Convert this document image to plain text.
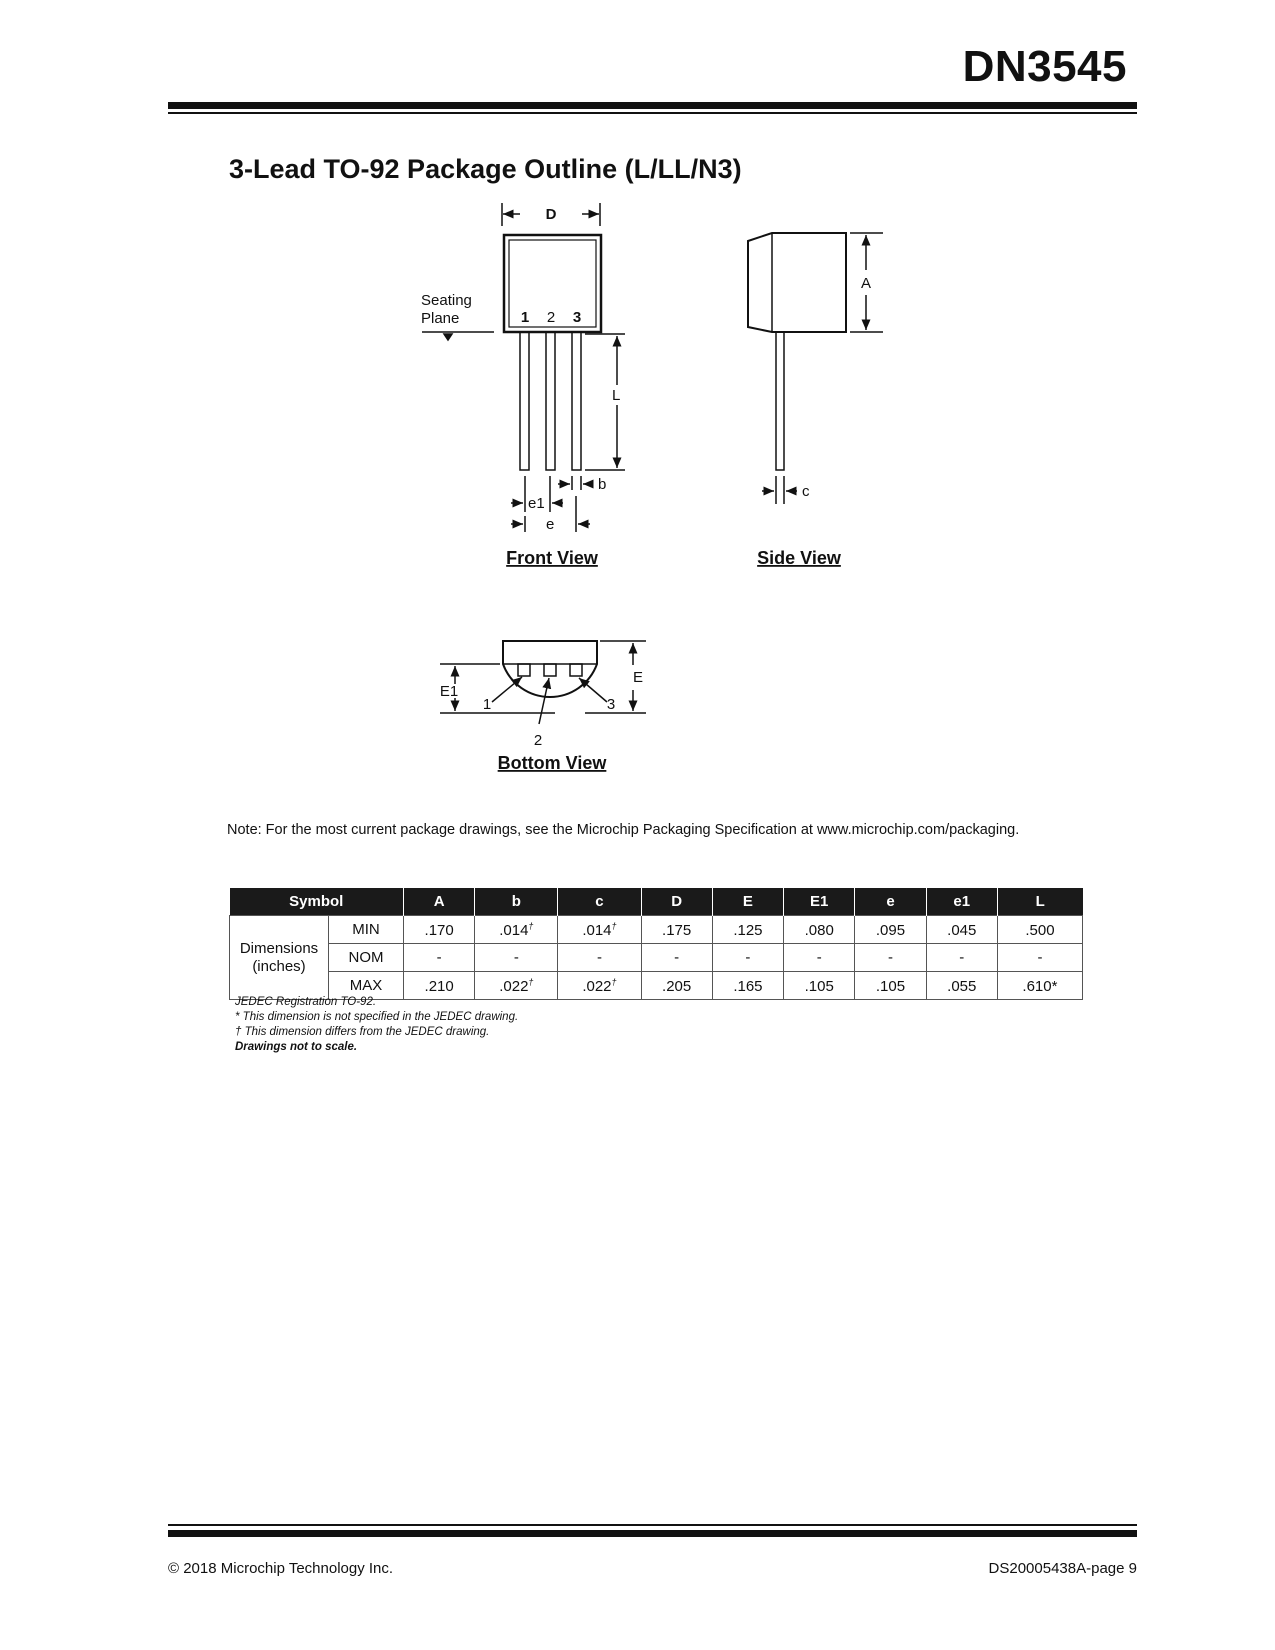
DN3545
3-Lead TO-92 Package Outline (L/LL/N3)
D
Seating
Plane	1 2 3
L
b
e1
e
Front View
A
c
Side View
E1
E
1
2
3
Bottom View
Note: For the most current package drawings, see the Microchip Packaging Specification at www.microchip.com/packaging.
Symbol		A	b	c	D	E	E1	e	e1	L
Dimensions
(inches)	MIN	.170	.014†	.014†	.175	.125	.080	.095	.045	.500
	NOM	-	-	-	-	-	-	-	-	-
	MAX	.210	.022†	.022†	.205	.165	.105	.105	.055	.610*
JEDEC Registration TO-92.
* This dimension is not specified in the JEDEC drawing.
† This dimension differs from the JEDEC drawing.
Drawings not to scale.
© 2018 Microchip Technology Inc.	DS20005438A-page 9
